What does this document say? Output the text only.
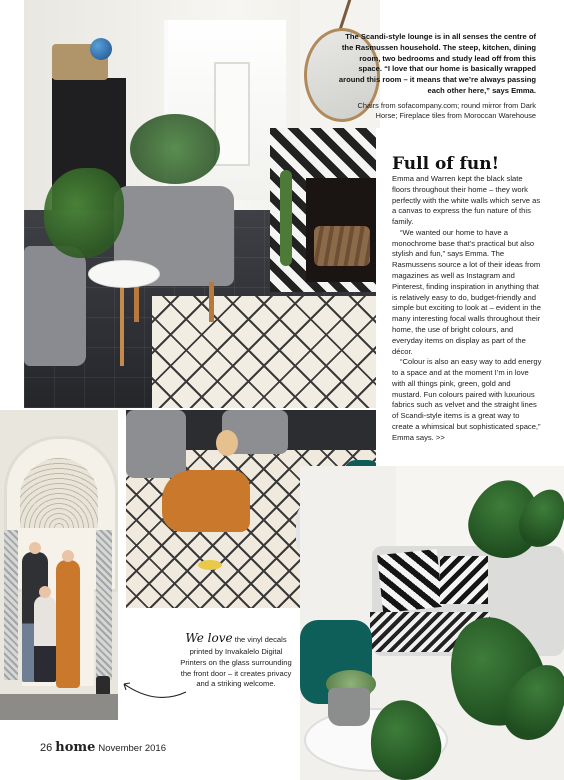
The Scandi-style lounge is in all senses the centre of the Rasmussen household. The steep, kitchen, dining room, two bedrooms and study lead off from this space. “I love that our home is basically wrapped around this room – it means that we’re always passing each other here,” says Emma.
Chairs from sofacompany.com; round mirror from Dark Horse; Fireplace tiles from Moroccan Warehouse
Full of fun!

Emma and Warren kept the black slate floors throughout their home – they work perfectly with the white walls which serve as a canvas to express the fun nature of this family.

“We wanted our home to have a monochrome base that’s practical but also stylish and fun,” says Emma. The Rasmussens source a lot of their ideas from magazines as well as Instagram and Pinterest, finding inspiration in anything that is relatively easy to do, budget-friendly and simple but exciting to look at – evident in the many interesting focal walls throughout their home, the use of bright colours, and everyday items on display as part of the décor.

“Colour is also an easy way to add energy to a space and at the moment I’m in love with all things pink, green, gold and mustard. Fun colours paired with luxurious fabrics such as velvet and the straight lines of Scandi-style items is a great way to create a whimsical but sophisticated space,” Emma says. >>

We love the vinyl decals printed by Invakalelo Digital Printers on the glass surrounding the front door – it creates privacy and a striking welcome.
26 home November 2016
